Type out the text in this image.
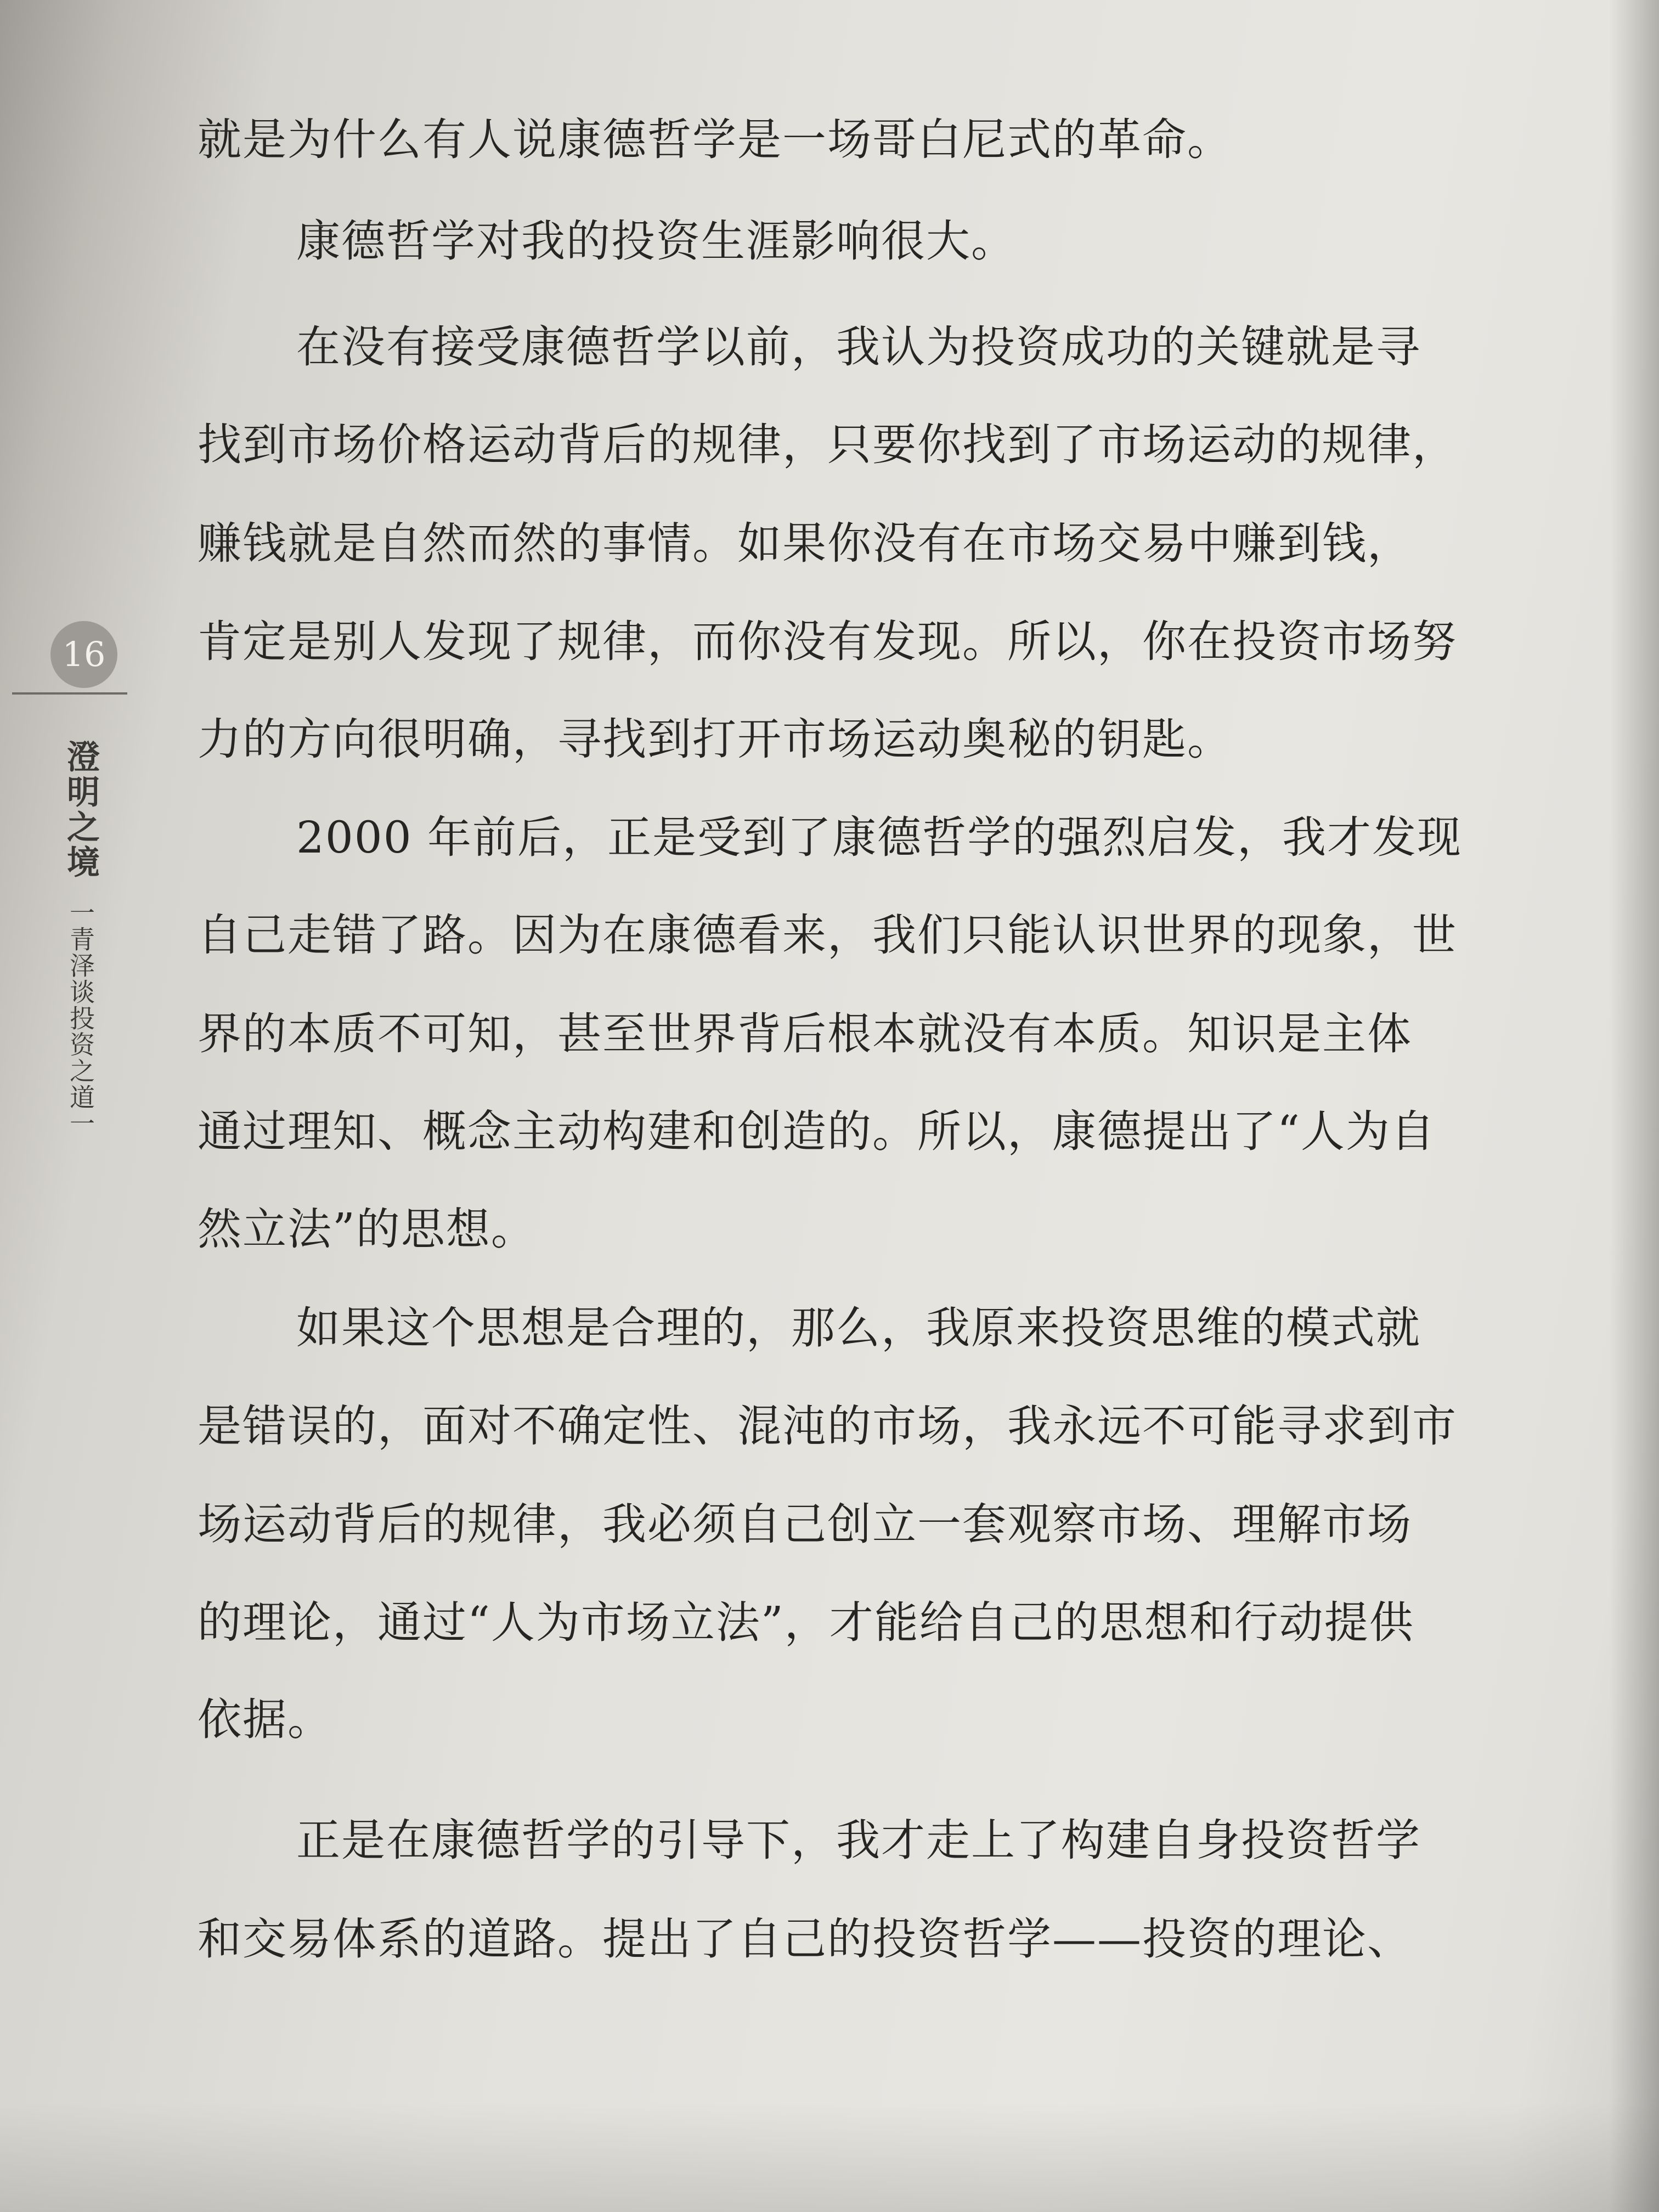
16
澄明之境
一青泽谈投资之道一
就是为什么有人说康德哲学是一场哥白尼式的革命。
康德哲学对我的投资生涯影响很大。
在没有接受康德哲学以前，我认为投资成功的关键就是寻
找到市场价格运动背后的规律，只要你找到了市场运动的规律，
赚钱就是自然而然的事情。如果你没有在市场交易中赚到钱，
肯定是别人发现了规律，而你没有发现。所以，你在投资市场努
力的方向很明确，寻找到打开市场运动奥秘的钥匙。
2000 年前后，正是受到了康德哲学的强烈启发，我才发现
自己走错了路。因为在康德看来，我们只能认识世界的现象，世
界的本质不可知，甚至世界背后根本就没有本质。知识是主体
通过理知、概念主动构建和创造的。所以，康德提出了“人为自
然立法”的思想。
如果这个思想是合理的，那么，我原来投资思维的模式就
是错误的，面对不确定性、混沌的市场，我永远不可能寻求到市
场运动背后的规律，我必须自己创立一套观察市场、理解市场
的理论，通过“人为市场立法”，才能给自己的思想和行动提供
依据。
正是在康德哲学的引导下，我才走上了构建自身投资哲学
和交易体系的道路。提出了自己的投资哲学——投资的理论、
